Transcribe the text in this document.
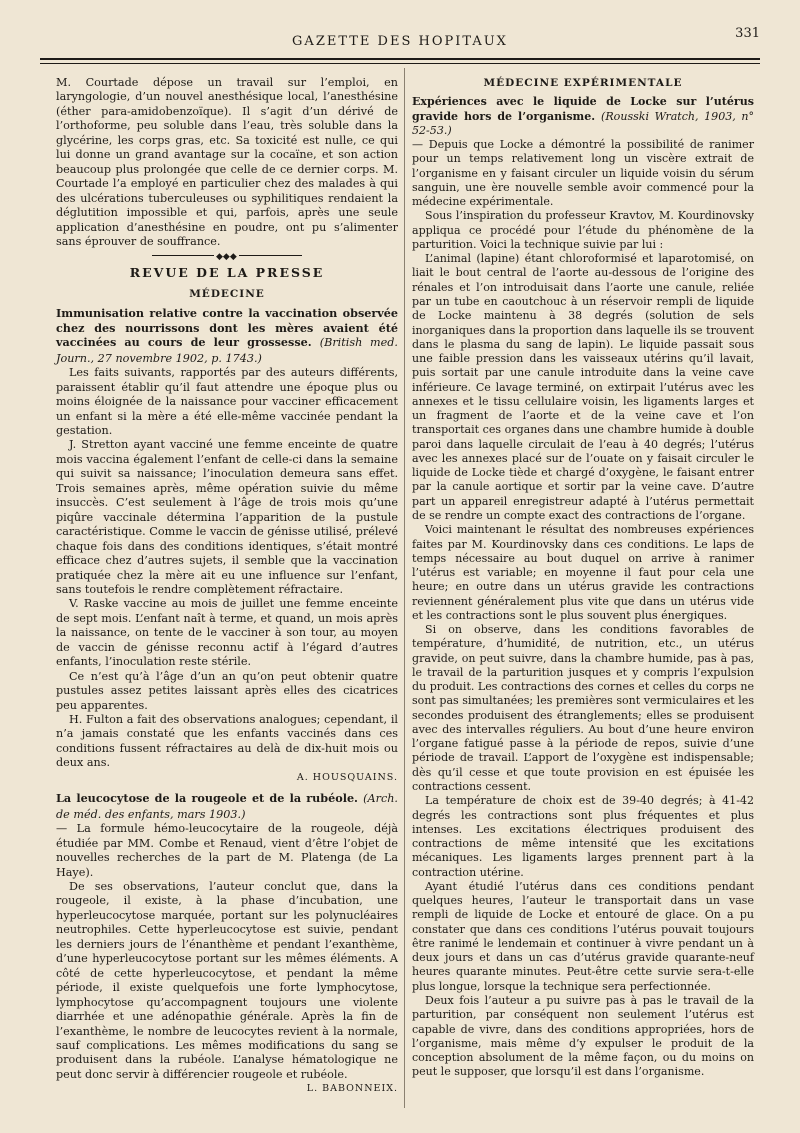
GAZETTE DES HOPITAUX
331

M. Courtade dépose un travail sur l’emploi, en laryngologie, d’un nouvel anesthésique local, l’anesthésine (éther para-amidobenzoïque). Il s’agit d’un dérivé de l’orthoforme, peu soluble dans l’eau, très soluble dans la glycérine, les corps gras, etc. Sa toxicité est nulle, ce qui lui donne un grand avantage sur la cocaïne, et son action beaucoup plus prolongée que celle de ce dernier corps. M. Courtade l’a employé en particulier chez des malades à qui des ulcérations tuberculeuses ou syphilitiques rendaient la déglutition impossible et qui, parfois, après une seule application d’anesthésine en poudre, ont pu s’alimenter sans éprouver de souffrance.

◆◆◆
REVUE DE LA PRESSE
MÉDECINE

Immunisation relative contre la vaccination observée chez des nourrissons dont les mères avaient été vaccinées au cours de leur grossesse. (British med. Journ., 27 novembre 1902, p. 1743.)

Les faits suivants, rapportés par des auteurs différents, paraissent établir qu’il faut attendre une époque plus ou moins éloignée de la naissance pour vacciner efficacement un enfant si la mère a été elle-même vaccinée pendant la gestation.

J. Stretton ayant vacciné une femme enceinte de quatre mois vaccina également l’enfant de celle-ci dans la semaine qui suivit sa naissance; l’inoculation demeura sans effet. Trois semaines après, même opération suivie du même insuccès. C’est seulement à l’âge de trois mois qu’une piqûre vaccinale détermina l’apparition de la pustule caractéristique. Comme le vaccin de génisse utilisé, prélevé chaque fois dans des conditions identiques, s’était montré efficace chez d’autres sujets, il semble que la vaccination pratiquée chez la mère ait eu une influence sur l’enfant, sans toutefois le rendre complètement réfractaire.

V. Raske vaccine au mois de juillet une femme enceinte de sept mois. L’enfant naît à terme, et quand, un mois après la naissance, on tente de le vacciner à son tour, au moyen de vaccin de génisse reconnu actif à l’égard d’autres enfants, l’inoculation reste stérile.

Ce n’est qu’à l’âge d’un an qu’on peut obtenir quatre pustules assez petites laissant après elles des cicatrices peu apparentes.

H. Fulton a fait des observations analogues; cependant, il n’a jamais constaté que les enfants vaccinés dans ces conditions fussent réfractaires au delà de dix-huit mois ou deux ans.

A. HOUSQUAINS.

La leucocytose de la rougeole et de la rubéole. (Arch. de méd. des enfants, mars 1903.)

— La formule hémo-leucocytaire de la rougeole, déjà étudiée par MM. Combe et Renaud, vient d’être l’objet de nouvelles recherches de la part de M. Platenga (de La Haye).

De ses observations, l’auteur conclut que, dans la rougeole, il existe, à la phase d’incubation, une hyperleucocytose marquée, portant sur les polynucléaires neutrophiles. Cette hyperleucocytose est suivie, pendant les derniers jours de l’énanthème et pendant l’exanthème, d’une hyperleucocytose portant sur les mêmes éléments. A côté de cette hyperleucocytose, et pendant la même période, il existe quelquefois une forte lymphocytose, lymphocytose qu’accompagnent toujours une violente diarrhée et une adénopathie générale. Après la fin de l’exanthème, le nombre de leucocytes revient à la normale, sauf complications. Les mêmes modifications du sang se produisent dans la rubéole. L’analyse hématologique ne peut donc servir à différencier rougeole et rubéole.

L. BABONNEIX.
MÉDECINE EXPÉRIMENTALE

Expériences avec le liquide de Locke sur l’utérus gravide hors de l’organisme. (Rousski Wratch, 1903, n° 52-53.)

— Depuis que Locke a démontré la possibilité de ranimer pour un temps relativement long un viscère extrait de l’organisme en y faisant circuler un liquide voisin du sérum sanguin, une ère nouvelle semble avoir commencé pour la médecine expérimentale.

Sous l’inspiration du professeur Kravtov, M. Kourdinovsky appliqua ce procédé pour l’étude du phénomène de la parturition. Voici la technique suivie par lui :

L’animal (lapine) étant chloroformisé et laparotomisé, on liait le bout central de l’aorte au-dessous de l’origine des rénales et l’on introduisait dans l’aorte une canule, reliée par un tube en caoutchouc à un réservoir rempli de liquide de Locke maintenu à 38 degrés (solution de sels inorganiques dans la proportion dans laquelle ils se trouvent dans le plasma du sang de lapin). Le liquide passait sous une faible pression dans les vaisseaux utérins qu’il lavait, puis sortait par une canule introduite dans la veine cave inférieure. Ce lavage terminé, on extirpait l’utérus avec les annexes et le tissu cellulaire voisin, les ligaments larges et un fragment de l’aorte et de la veine cave et l’on transportait ces organes dans une chambre humide à double paroi dans laquelle circulait de l’eau à 40 degrés; l’utérus avec les annexes placé sur de l’ouate on y faisait circuler le liquide de Locke tiède et chargé d’oxygène, le faisant entrer par la canule aortique et sortir par la veine cave. D’autre part un appareil enregistreur adapté à l’utérus permettait de se rendre un compte exact des contractions de l’organe.

Voici maintenant le résultat des nombreuses expériences faites par M. Kourdinovsky dans ces conditions. Le laps de temps nécessaire au bout duquel on arrive à ranimer l’utérus est variable; en moyenne il faut pour cela une heure; en outre dans un utérus gravide les contractions reviennent généralement plus vite que dans un utérus vide et les contractions sont le plus souvent plus énergiques.

Si on observe, dans les conditions favorables de température, d’humidité, de nutrition, etc., un utérus gravide, on peut suivre, dans la chambre humide, pas à pas, le travail de la parturition jusques et y compris l’expulsion du produit. Les contractions des cornes et celles du corps ne sont pas simultanées; les premières sont vermiculaires et les secondes produisent des étranglements; elles se produisent avec des intervalles réguliers. Au bout d’une heure environ l’organe fatigué passe à la période de repos, suivie d’une période de travail. L’apport de l’oxygène est indispensable; dès qu’il cesse et que toute provision en est épuisée les contractions cessent.

La température de choix est de 39-40 degrés; à 41-42 degrés les contractions sont plus fréquentes et plus intenses. Les excitations électriques produisent des contractions de même intensité que les excitations mécaniques. Les ligaments larges prennent part à la contraction utérine.

Ayant étudié l’utérus dans ces conditions pendant quelques heures, l’auteur le transportait dans un vase rempli de liquide de Locke et entouré de glace. On a pu constater que dans ces conditions l’utérus pouvait toujours être ranimé le lendemain et continuer à vivre pendant un à deux jours et dans un cas d’utérus gravide quarante-neuf heures quarante minutes. Peut-être cette survie sera-t-elle plus longue, lorsque la technique sera perfectionnée.

Deux fois l’auteur a pu suivre pas à pas le travail de la parturition, par conséquent non seulement l’utérus est capable de vivre, dans des conditions appropriées, hors de l’organisme, mais même d’y expulser le produit de la conception absolument de la même façon, ou du moins on peut le supposer, que lorsqu’il est dans l’organisme.
